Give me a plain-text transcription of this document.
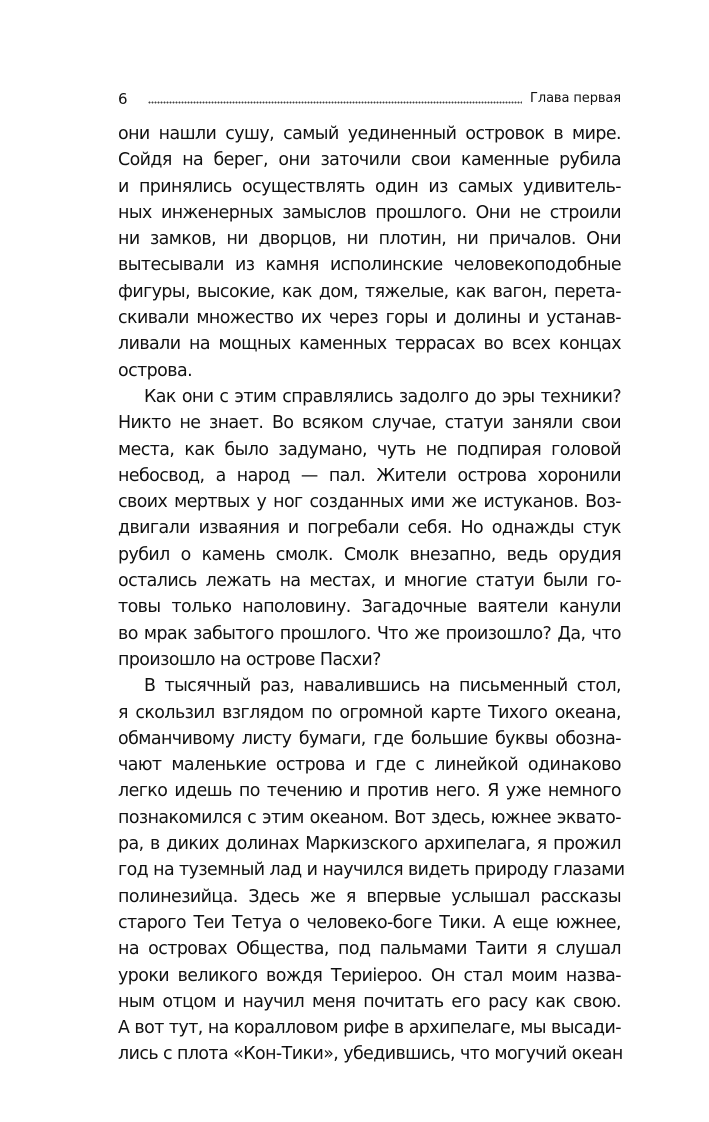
6	Глава первая
они нашли сушу, самый уединенный островок в мире.
Сойдя на берег, они заточили свои каменные рубила
и принялись осуществлять один из самых удивитель-
ных инженерных замыслов прошлого. Они не строили
ни замков, ни дворцов, ни плотин, ни причалов. Они
вытесывали из камня исполинские человекоподобные
фигуры, высокие, как дом, тяжелые, как вагон, перета-
скивали множество их через горы и долины и устанав-
ливали на мощных каменных террасах во всех концах
острова.
Как они с этим справлялись задолго до эры техники?
Никто не знает. Во всяком случае, статуи заняли свои
места, как было задумано, чуть не подпирая головой
небосвод, а народ — пал. Жители острова хоронили
своих мертвых у ног созданных ими же истуканов. Воз-
двигали изваяния и погребали себя. Но однажды стук
рубил о камень смолк. Смолк внезапно, ведь орудия
остались лежать на местах, и многие статуи были го-
товы только наполовину. Загадочные ваятели канули
во мрак забытого прошлого. Что же произошло? Да, что
произошло на острове Пасхи?
В тысячный раз, навалившись на письменный стол,
я скользил взглядом по огромной карте Тихого океана,
обманчивому листу бумаги, где большие буквы обозна-
чают маленькие острова и где с линейкой одинаково
легко идешь по течению и против него. Я уже немного
познакомился с этим океаном. Вот здесь, южнее эквато-
ра, в диких долинах Маркизского архипелага, я прожил
год на туземный лад и научился видеть природу глазами
полинезийца. Здесь же я впервые услышал рассказы
старого Теи Тетуа о человеко-боге Тики. А еще южнее,
на островах Общества, под пальмами Таити я слушал
уроки великого вождя Териieроо. Он стал моим назва-
ным отцом и научил меня почитать его расу как свою.
А вот тут, на коралловом рифе в архипелаге, мы высади-
лись с плота «Кон-Тики», убедившись, что могучий океан
